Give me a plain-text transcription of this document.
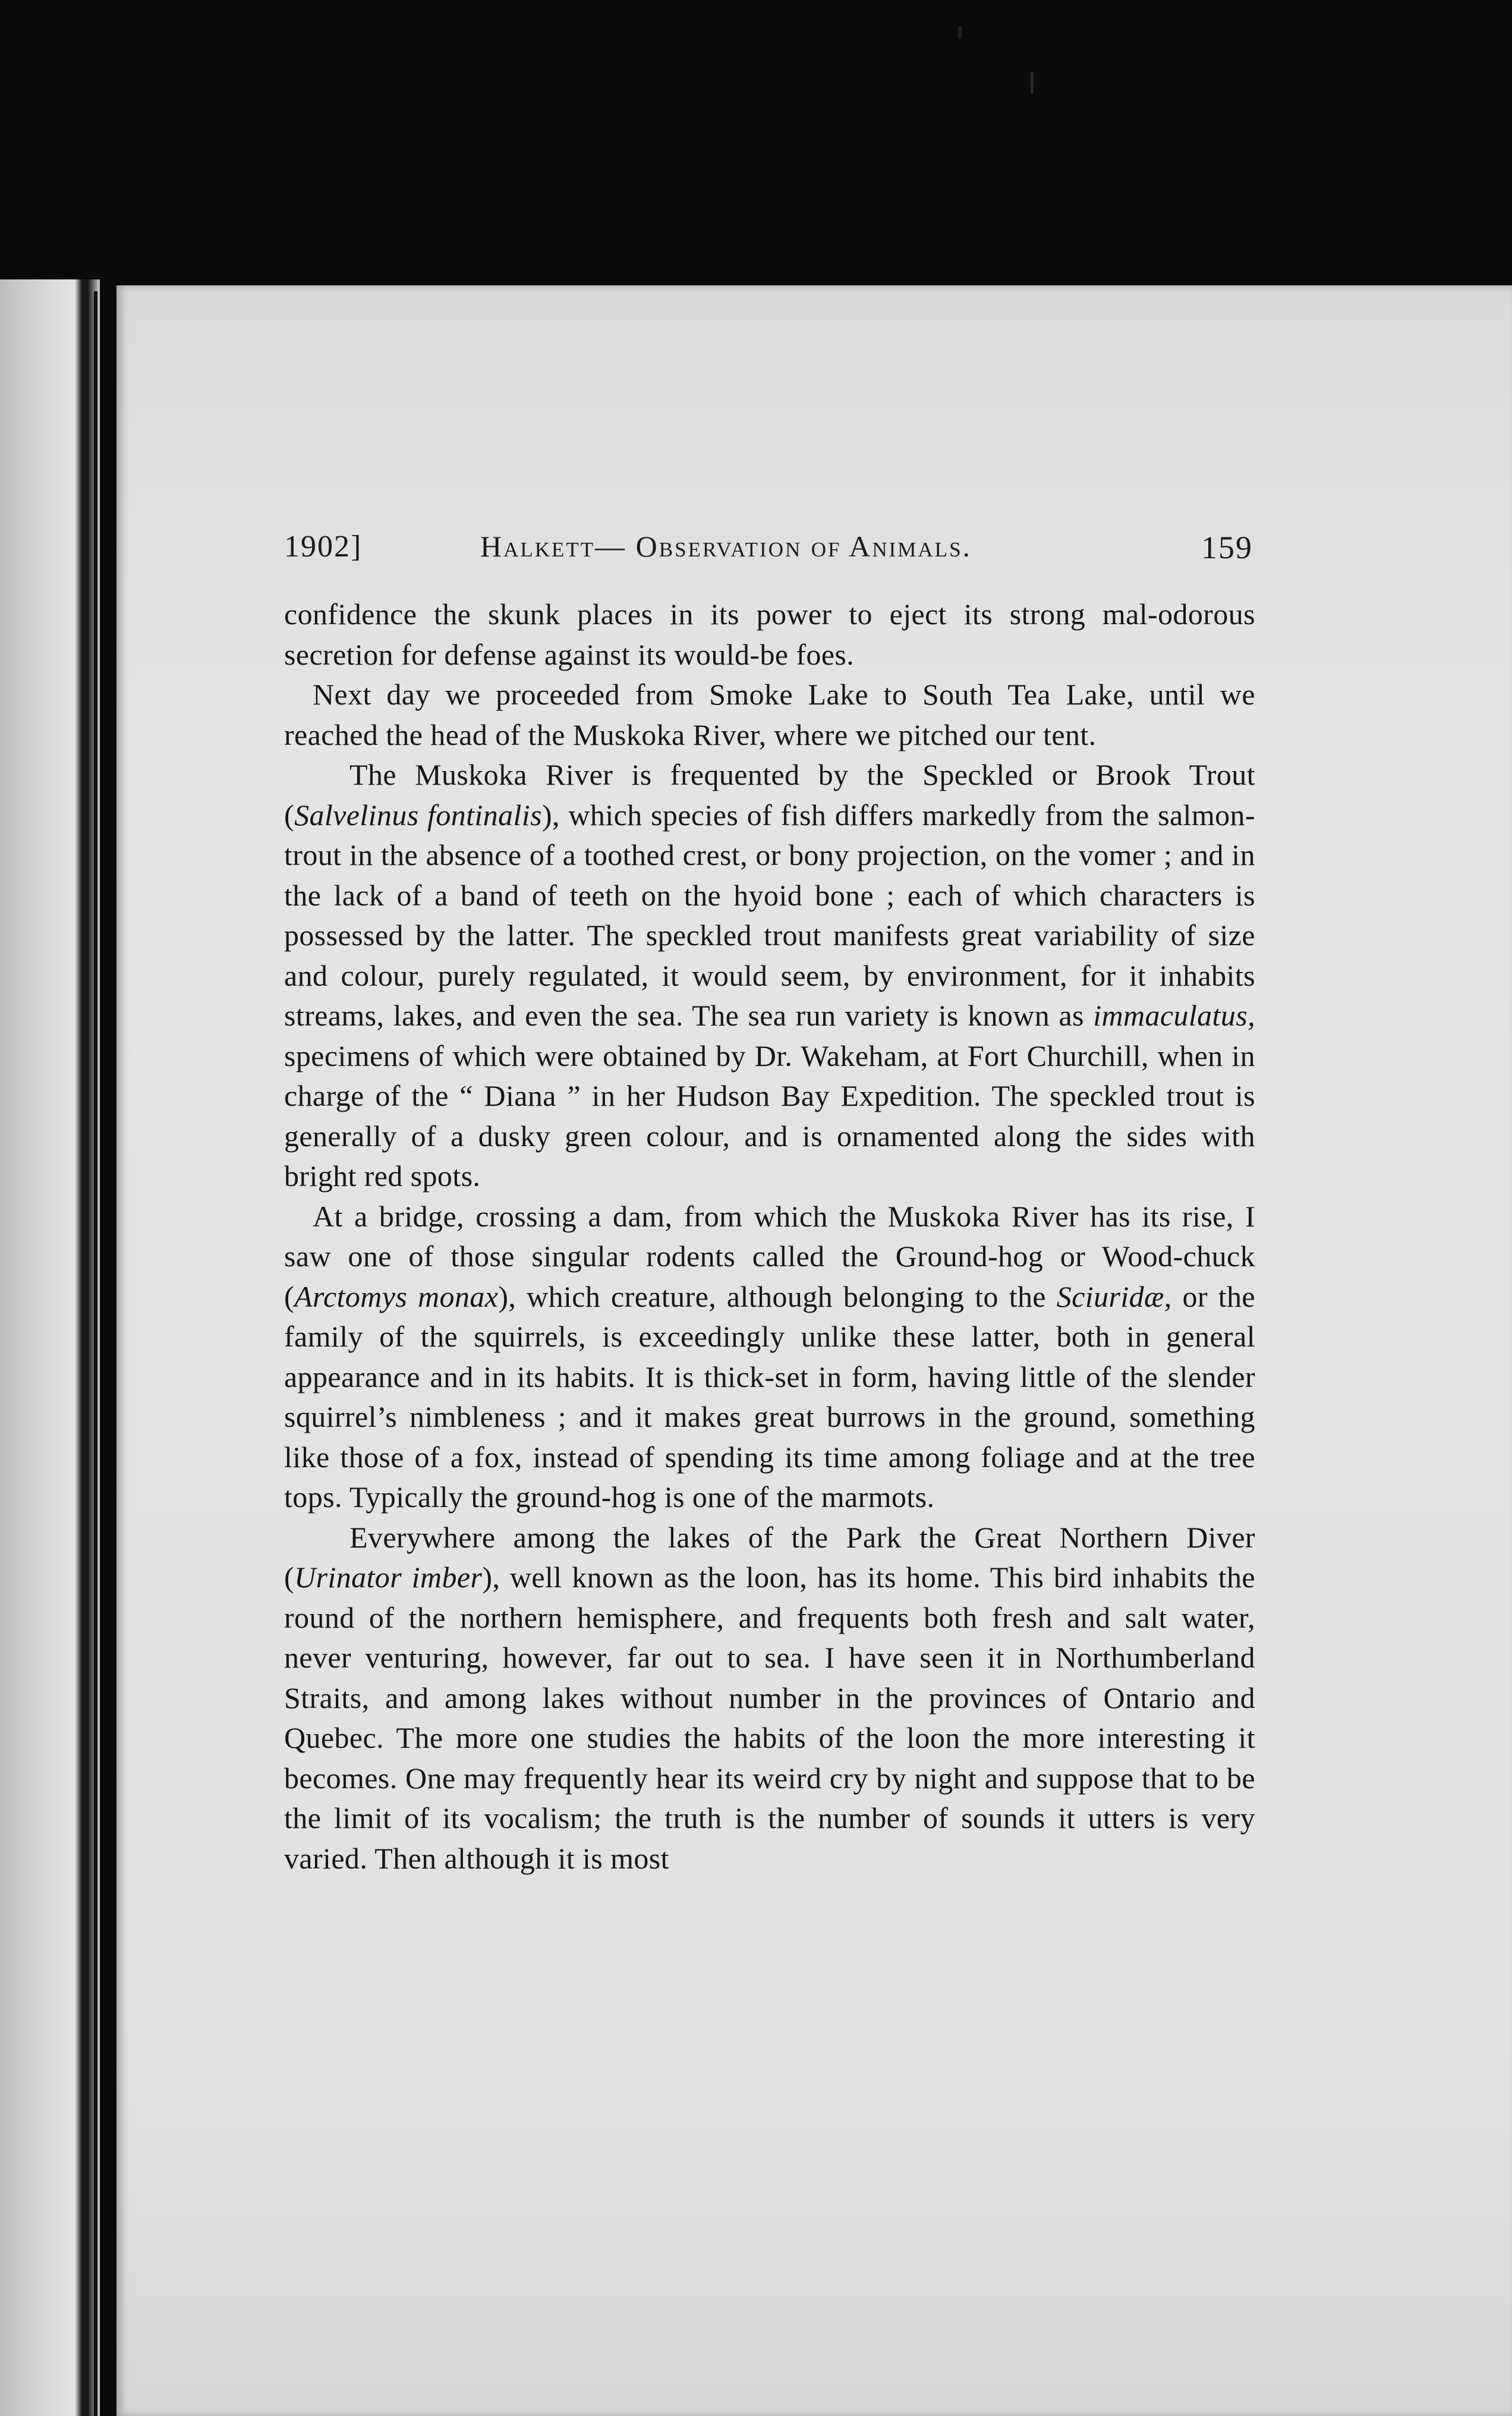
1902]	Halkett— Observation of Animals.	159

confidence the skunk places in its power to eject its strong mal-odorous secretion for defense against its would-be foes.

Next day we proceeded from Smoke Lake to South Tea Lake, until we reached the head of the Muskoka River, where we pitched our tent.

The Muskoka River is frequented by the Speckled or Brook Trout (Salvelinus fontinalis), which species of fish differs markedly from the salmon-trout in the absence of a toothed crest, or bony projection, on the vomer ; and in the lack of a band of teeth on the hyoid bone ; each of which characters is possessed by the latter. The speckled trout manifests great variability of size and colour, purely regulated, it would seem, by environment, for it inhabits streams, lakes, and even the sea. The sea run variety is known as immaculatus, specimens of which were obtained by Dr. Wakeham, at Fort Churchill, when in charge of the “ Diana ” in her Hudson Bay Expedition. The speckled trout is generally of a dusky green colour, and is ornamented along the sides with bright red spots.

At a bridge, crossing a dam, from which the Muskoka River has its rise, I saw one of those singular rodents called the Ground-hog or Wood-chuck (Arctomys monax), which creature, although belonging to the Sciuridæ, or the family of the squirrels, is exceedingly unlike these latter, both in general appearance and in its habits. It is thick-set in form, having little of the slender squirrel’s nimbleness ; and it makes great burrows in the ground, something like those of a fox, instead of spending its time among foliage and at the tree tops. Typically the ground-hog is one of the marmots.

Everywhere among the lakes of the Park the Great Northern Diver (Urinator imber), well known as the loon, has its home. This bird inhabits the round of the northern hemisphere, and frequents both fresh and salt water, never venturing, however, far out to sea. I have seen it in Northumberland Straits, and among lakes without number in the provinces of Ontario and Quebec. The more one studies the habits of the loon the more interesting it becomes. One may frequently hear its weird cry by night and suppose that to be the limit of its vocalism; the truth is the number of sounds it utters is very varied. Then although it is most
